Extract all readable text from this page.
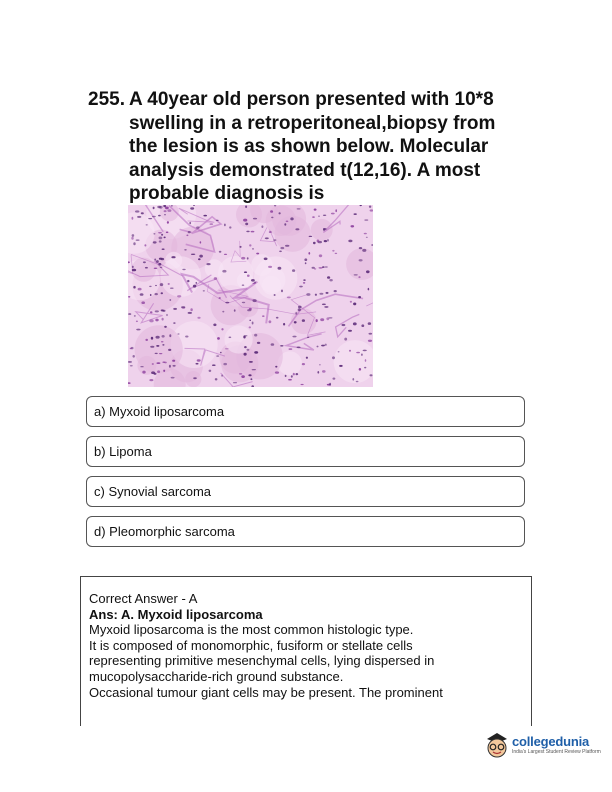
255. A 40year old person presented with 10*8
swelling in a retroperitoneal,biopsy from
the lesion is as shown below. Molecular
analysis demonstrated t(12,16). A most
probable diagnosis is
a) Myxoid liposarcoma
b) Lipoma
c) Synovial sarcoma
d) Pleomorphic sarcoma
Correct Answer - A
Ans: A. Myxoid liposarcoma
Myxoid liposarcoma is the most common histologic type.
It is composed of monomorphic, fusiform or stellate cells
representing primitive mesenchymal cells, lying dispersed in
mucopolysaccharide-rich ground substance.
Occasional tumour giant cells may be present. The prominent
collegedunia
India's Largest Student Review Platform
